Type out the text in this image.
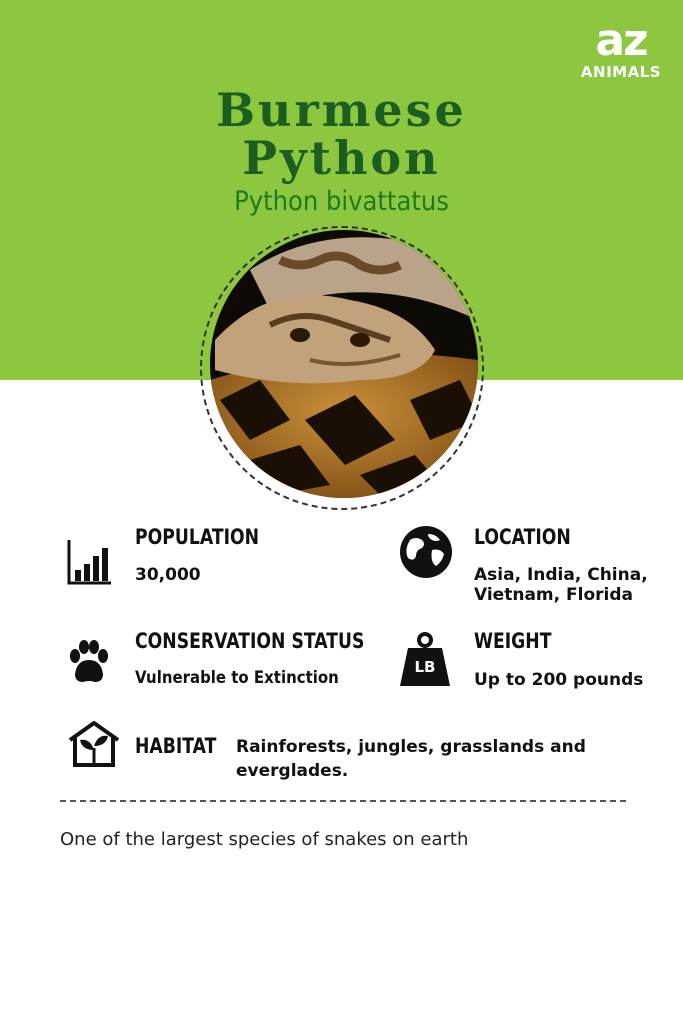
az
ANIMALS
Burmese
Python
Python bivattatus
POPULATION
30,000
LOCATION
Asia, India, China,
Vietnam, Florida
CONSERVATION STATUS
Vulnerable to Extinction
LB
WEIGHT
Up to 200 pounds
HABITAT Rainforests, jungles, grasslands and
everglades.
One of the largest species of snakes on earth
